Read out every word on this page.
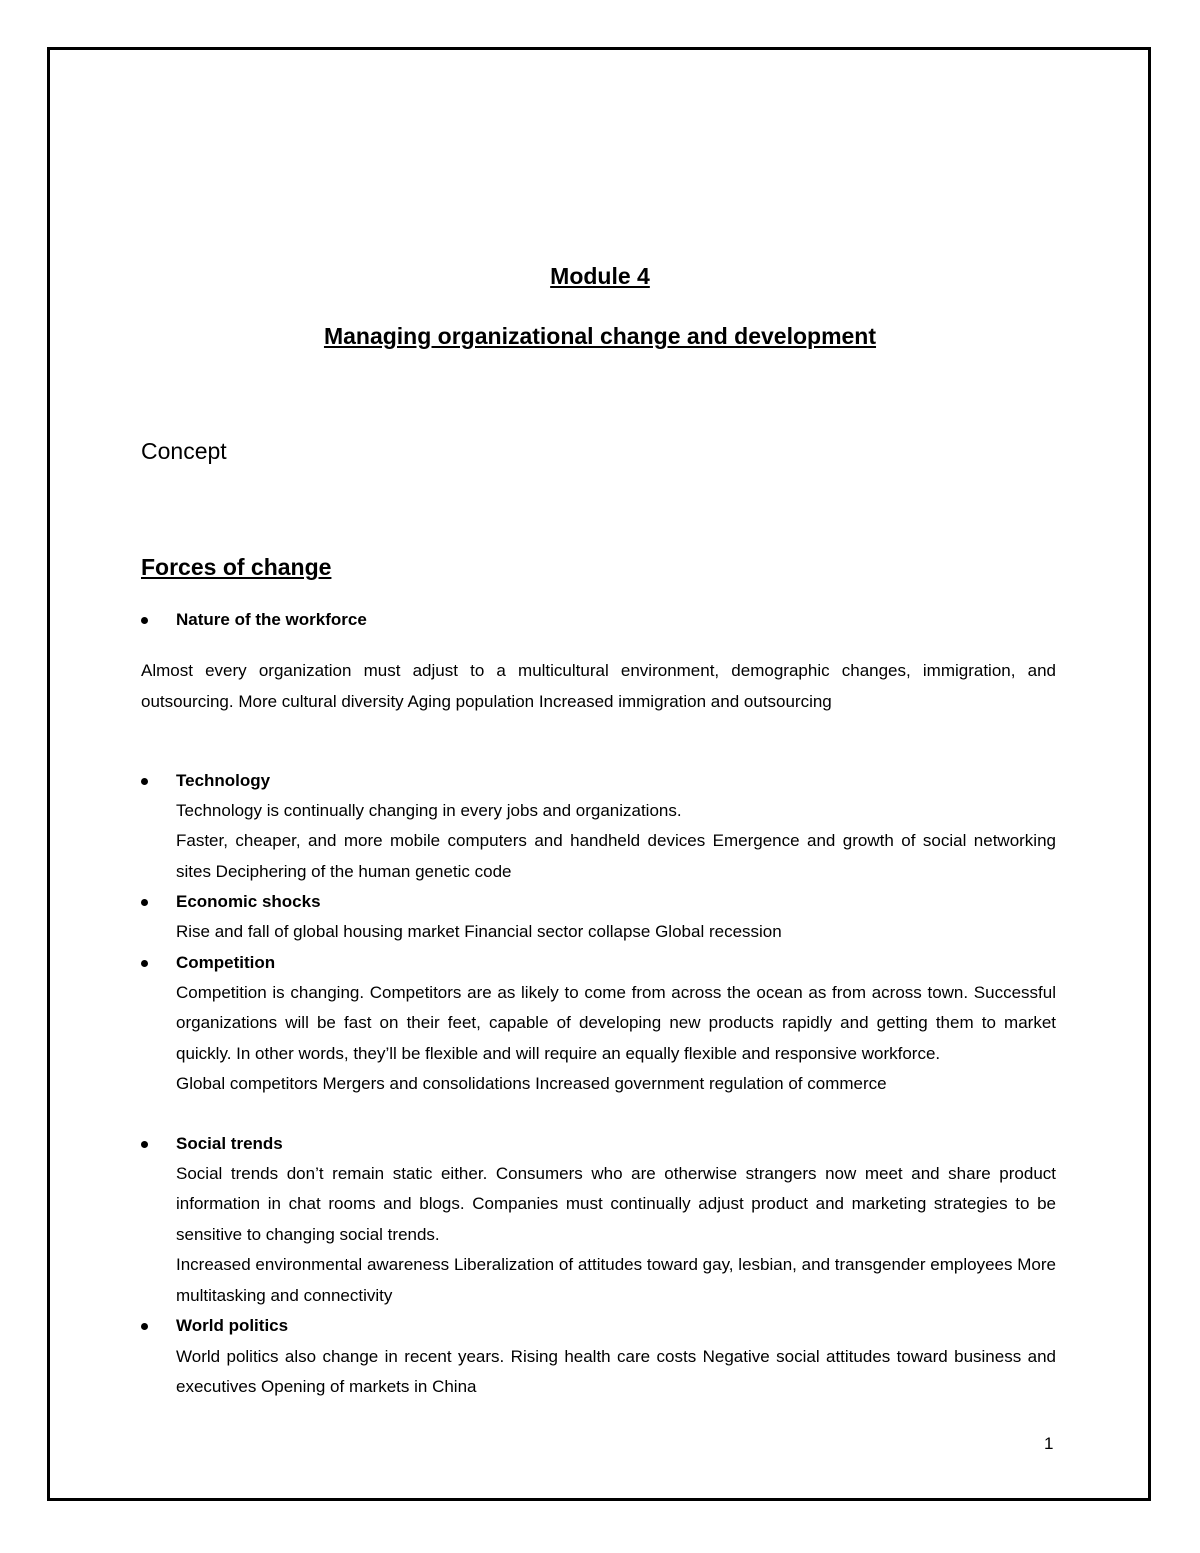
Module 4
Managing organizational change and development
Concept
Forces of change
Nature of the workforce

Almost every organization must adjust to a multicultural environment, demographic changes, immigration, and outsourcing. More cultural diversity Aging population Increased immigration and outsourcing

Technology
Technology is continually changing in every jobs and organizations.
Faster, cheaper, and more mobile computers and handheld devices Emergence and growth of social networking sites Deciphering of the human genetic code
Economic shocks
Rise and fall of global housing market Financial sector collapse Global recession
Competition
Competition is changing. Competitors are as likely to come from across the ocean as from across town. Successful organizations will be fast on their feet, capable of developing new products rapidly and getting them to market quickly. In other words, they’ll be flexible and will require an equally flexible and responsive workforce.
Global competitors Mergers and consolidations Increased government regulation of commerce
Social trends
Social trends don’t remain static either. Consumers who are otherwise strangers now meet and share product information in chat rooms and blogs. Companies must continually adjust product and marketing strategies to be sensitive to changing social trends.
Increased environmental awareness Liberalization of attitudes toward gay, lesbian, and transgender employees More multitasking and connectivity
World politics
World politics also change in recent years. Rising health care costs Negative social attitudes toward business and executives Opening of markets in China
1
